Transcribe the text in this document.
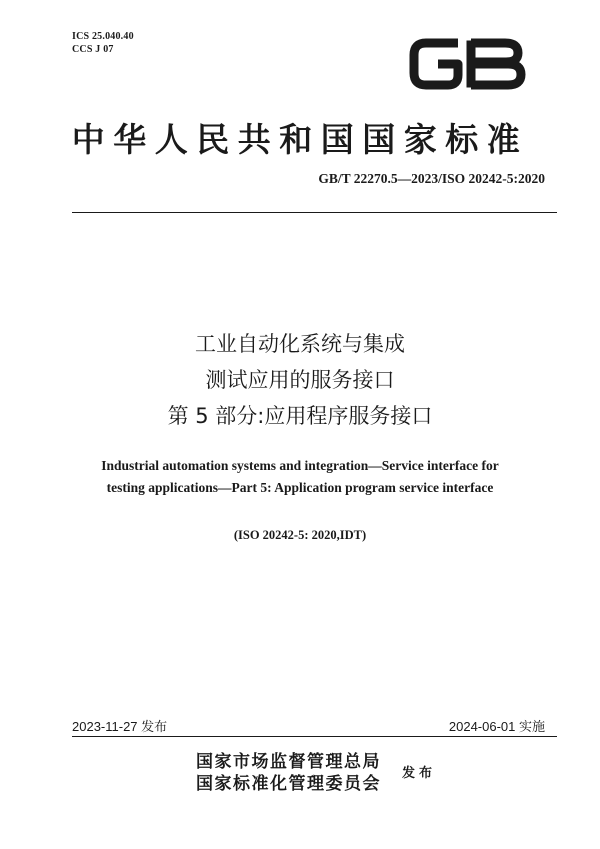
ICS 25.040.40
CCS J 07
中华人民共和国国家标准
GB/T 22270.5—2023/ISO 20242-5:2020
工业自动化系统与集成
测试应用的服务接口
第 5 部分:应用程序服务接口
Industrial automation systems and integration—Service interface for
testing applications—Part 5: Application program service interface
(ISO 20242-5: 2020,IDT)
2023-11-27 发布	2024-06-01 实施
国家市场监督管理总局
国家标准化管理委员会
发布
